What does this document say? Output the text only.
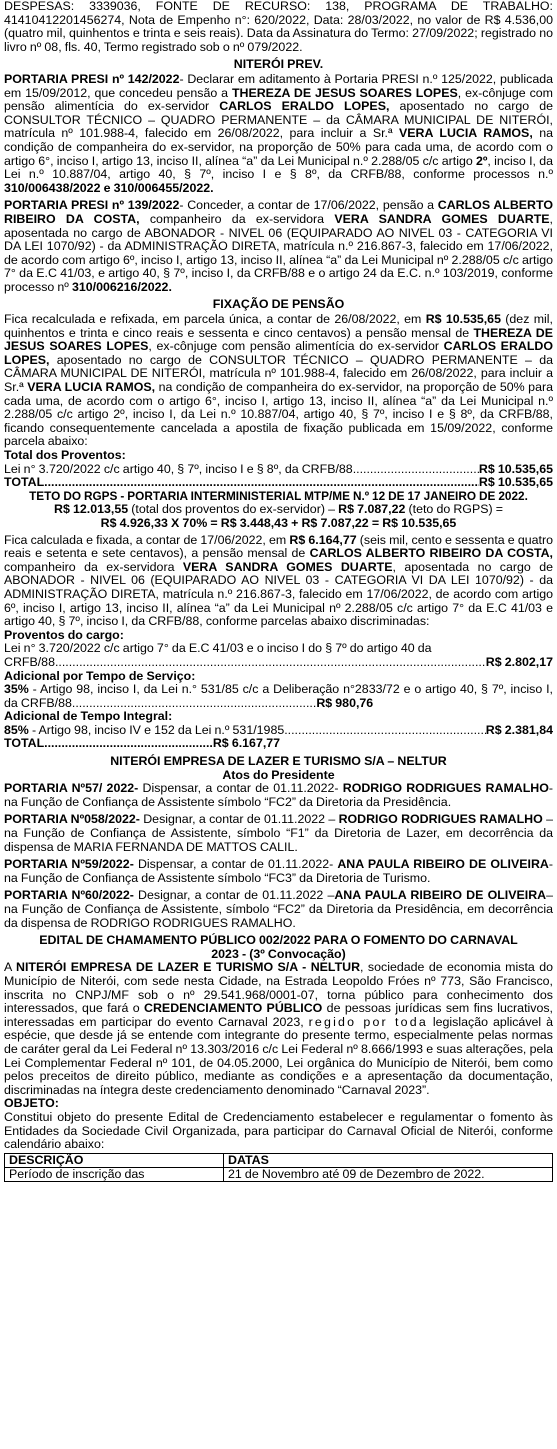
DESPESAS: 3339036, FONTE DE RECURSO: 138, PROGRAMA DE TRABALHO: 41410412201456274, Nota de Empenho n°: 620/2022, Data: 28/03/2022, no valor de R$ 4.536,00 (quatro mil, quinhentos e trinta e seis reais). Data da Assinatura do Termo: 27/09/2022; registrado no livro nº 08, fls. 40, Termo registrado sob o nº 079/2022.

NITERÓI PREV.

PORTARIA PRESI nº 142/2022- Declarar em aditamento à Portaria PRESI n.º 125/2022, publicada em 15/09/2012, que concedeu pensão a THEREZA DE JESUS SOARES LOPES, ex-cônjuge com pensão alimentícia do ex-servidor CARLOS ERALDO LOPES, aposentado no cargo de CONSULTOR TÉCNICO – QUADRO PERMANENTE – da CÂMARA MUNICIPAL DE NITERÓI, matrícula nº 101.988-4, falecido em 26/08/2022, para incluir a Sr.ª VERA LUCIA RAMOS, na condição de companheira do ex-servidor, na proporção de 50% para cada uma, de acordo com o artigo 6°, inciso I, artigo 13, inciso II, alínea “a” da Lei Municipal n.º 2.288/05 c/c artigo 2º, inciso I, da Lei n.º 10.887/04, artigo 40, § 7º, inciso I e § 8º, da CRFB/88, conforme processos n.º 310/006438/2022 e 310/006455/2022.

PORTARIA PRESI nº 139/2022- Conceder, a contar de 17/06/2022, pensão a CARLOS ALBERTO RIBEIRO DA COSTA, companheiro da ex-servidora VERA SANDRA GOMES DUARTE, aposentada no cargo de ABONADOR - NIVEL 06 (EQUIPARADO AO NIVEL 03 - CATEGORIA VI DA LEI 1070/92) - da ADMINISTRAÇÃO DIRETA, matrícula n.º 216.867-3, falecido em 17/06/2022, de acordo com artigo 6º, inciso I, artigo 13, inciso II, alínea “a” da Lei Municipal nº 2.288/05 c/c artigo 7° da E.C 41/03, e artigo 40, § 7º, inciso I, da CRFB/88 e o artigo 24 da E.C. n.º 103/2019, conforme processo nº 310/006216/2022.

FIXAÇÃO DE PENSÃO

Fica recalculada e refixada, em parcela única, a contar de 26/08/2022, em R$ 10.535,65 (dez mil, quinhentos e trinta e cinco reais e sessenta e cinco centavos) a pensão mensal de THEREZA DE JESUS SOARES LOPES, ex-cônjuge com pensão alimentícia do ex-servidor CARLOS ERALDO LOPES, aposentado no cargo de CONSULTOR TÉCNICO – QUADRO PERMANENTE – da CÂMARA MUNICIPAL DE NITERÓI, matrícula nº 101.988-4, falecido em 26/08/2022, para incluir a Sr.ª VERA LUCIA RAMOS, na condição de companheira do ex-servidor, na proporção de 50% para cada uma, de acordo com o artigo 6°, inciso I, artigo 13, inciso II, alínea “a” da Lei Municipal n.º 2.288/05 c/c artigo 2º, inciso I, da Lei n.º 10.887/04, artigo 40, § 7º, inciso I e § 8º, da CRFB/88, ficando consequentemente cancelada a apostila de fixação publicada em 15/09/2022, conforme parcela abaixo:

Total dos Proventos:
Lei n° 3.720/2022 c/c artigo 40, § 7º, inciso I e § 8º, da CRFB/88 .....	R$ 10.535,65
TOTAL .....	R$ 10.535,65
TETO DO RGPS - PORTARIA INTERMINISTERIAL MTP/ME N.º 12 DE 17 JANEIRO DE 2022.
R$ 12.013,55 (total dos proventos do ex-servidor) – R$ 7.087,22 (teto do RGPS) =
R$ 4.926,33 X 70% = R$ 3.448,43 + R$ 7.087,22 = R$ 10.535,65

Fica calculada e fixada, a contar de 17/06/2022, em R$ 6.164,77 (seis mil, cento e sessenta e quatro reais e setenta e sete centavos), a pensão mensal de CARLOS ALBERTO RIBEIRO DA COSTA, companheiro da ex-servidora VERA SANDRA GOMES DUARTE, aposentada no cargo de ABONADOR - NIVEL 06 (EQUIPARADO AO NIVEL 03 - CATEGORIA VI DA LEI 1070/92) - da ADMINISTRAÇÃO DIRETA, matrícula n.º 216.867-3, falecido em 17/06/2022, de acordo com artigo 6º, inciso I, artigo 13, inciso II, alínea “a” da Lei Municipal nº 2.288/05 c/c artigo 7° da E.C 41/03 e artigo 40, § 7º, inciso I, da CRFB/88, conforme parcelas abaixo discriminadas:

Proventos do cargo:
Lei n° 3.720/2022 c/c artigo 7° da E.C 41/03 e o inciso I do § 7º do artigo 40 da
CRFB/88 .....	R$ 2.802,17
Adicional por Tempo de Serviço:
35% - Artigo 98, inciso I, da Lei n.° 531/85 c/c a Deliberação n°2833/72 e o artigo 40, § 7º, inciso I, da CRFB/88.......................................................................R$ 980,76
Adicional de Tempo Integral:
85% - Artigo 98, inciso IV e 152 da Lei n.º 531/1985 .....	R$ 2.381,84
TOTAL.................................................R$ 6.167,77
NITERÓI EMPRESA DE LAZER E TURISMO S/A – NELTUR
Atos do Presidente

PORTARIA Nº57/ 2022- Dispensar, a contar de 01.11.2022- RODRIGO RODRIGUES RAMALHO- na Função de Confiança de Assistente símbolo “FC2” da Diretoria da Presidência.

PORTARIA Nº058/2022- Designar, a contar de 01.11.2022 – RODRIGO RODRIGUES RAMALHO – na Função de Confiança de Assistente, símbolo “F1” da Diretoria de Lazer, em decorrência da dispensa de MARIA FERNANDA DE MATTOS CALIL.

PORTARIA Nº59/2022- Dispensar, a contar de 01.11.2022- ANA PAULA RIBEIRO DE OLIVEIRA- na Função de Confiança de Assistente símbolo “FC3” da Diretoria de Turismo.

PORTARIA Nº60/2022- Designar, a contar de 01.11.2022 –ANA PAULA RIBEIRO DE OLIVEIRA– na Função de Confiança de Assistente, símbolo “FC2” da Diretoria da Presidência, em decorrência da dispensa de RODRIGO RODRIGUES RAMALHO.

EDITAL DE CHAMAMENTO PÚBLICO 002/2022 PARA O FOMENTO DO CARNAVAL
2023 - (3º Convocação)

A NITERÓI EMPRESA DE LAZER E TURISMO S/A - NELTUR, sociedade de economia mista do Município de Niterói, com sede nesta Cidade, na Estrada Leopoldo Fróes nº 773, São Francisco, inscrita no CNPJ/MF sob o nº 29.541.968/0001-07, torna público para conhecimento dos interessados, que fará o CREDENCIAMENTO PÚBLICO de pessoas jurídicas sem fins lucrativos, interessadas em participar do evento Carnaval 2023, regido por toda legislação aplicável à espécie, que desde já se entende com integrante do presente termo, especialmente pelas normas de caráter geral da Lei Federal nº 13.303/2016 c/c Lei Federal nº 8.666/1993 e suas alterações, pela Lei Complementar Federal nº 101, de 04.05.2000, Lei orgânica do Município de Niterói, bem como pelos preceitos de direito público, mediante as condições e a apresentação da documentação, discriminadas na íntegra deste credenciamento denominado “Carnaval 2023”.

OBJETO:
Constitui objeto do presente Edital de Credenciamento estabelecer e regulamentar o fomento às Entidades da Sociedade Civil Organizada, para participar do Carnaval Oficial de Niterói, conforme calendário abaixo:
DESCRIÇÃO	DATAS
Período de inscrição das	21 de Novembro até 09 de Dezembro de 2022.
